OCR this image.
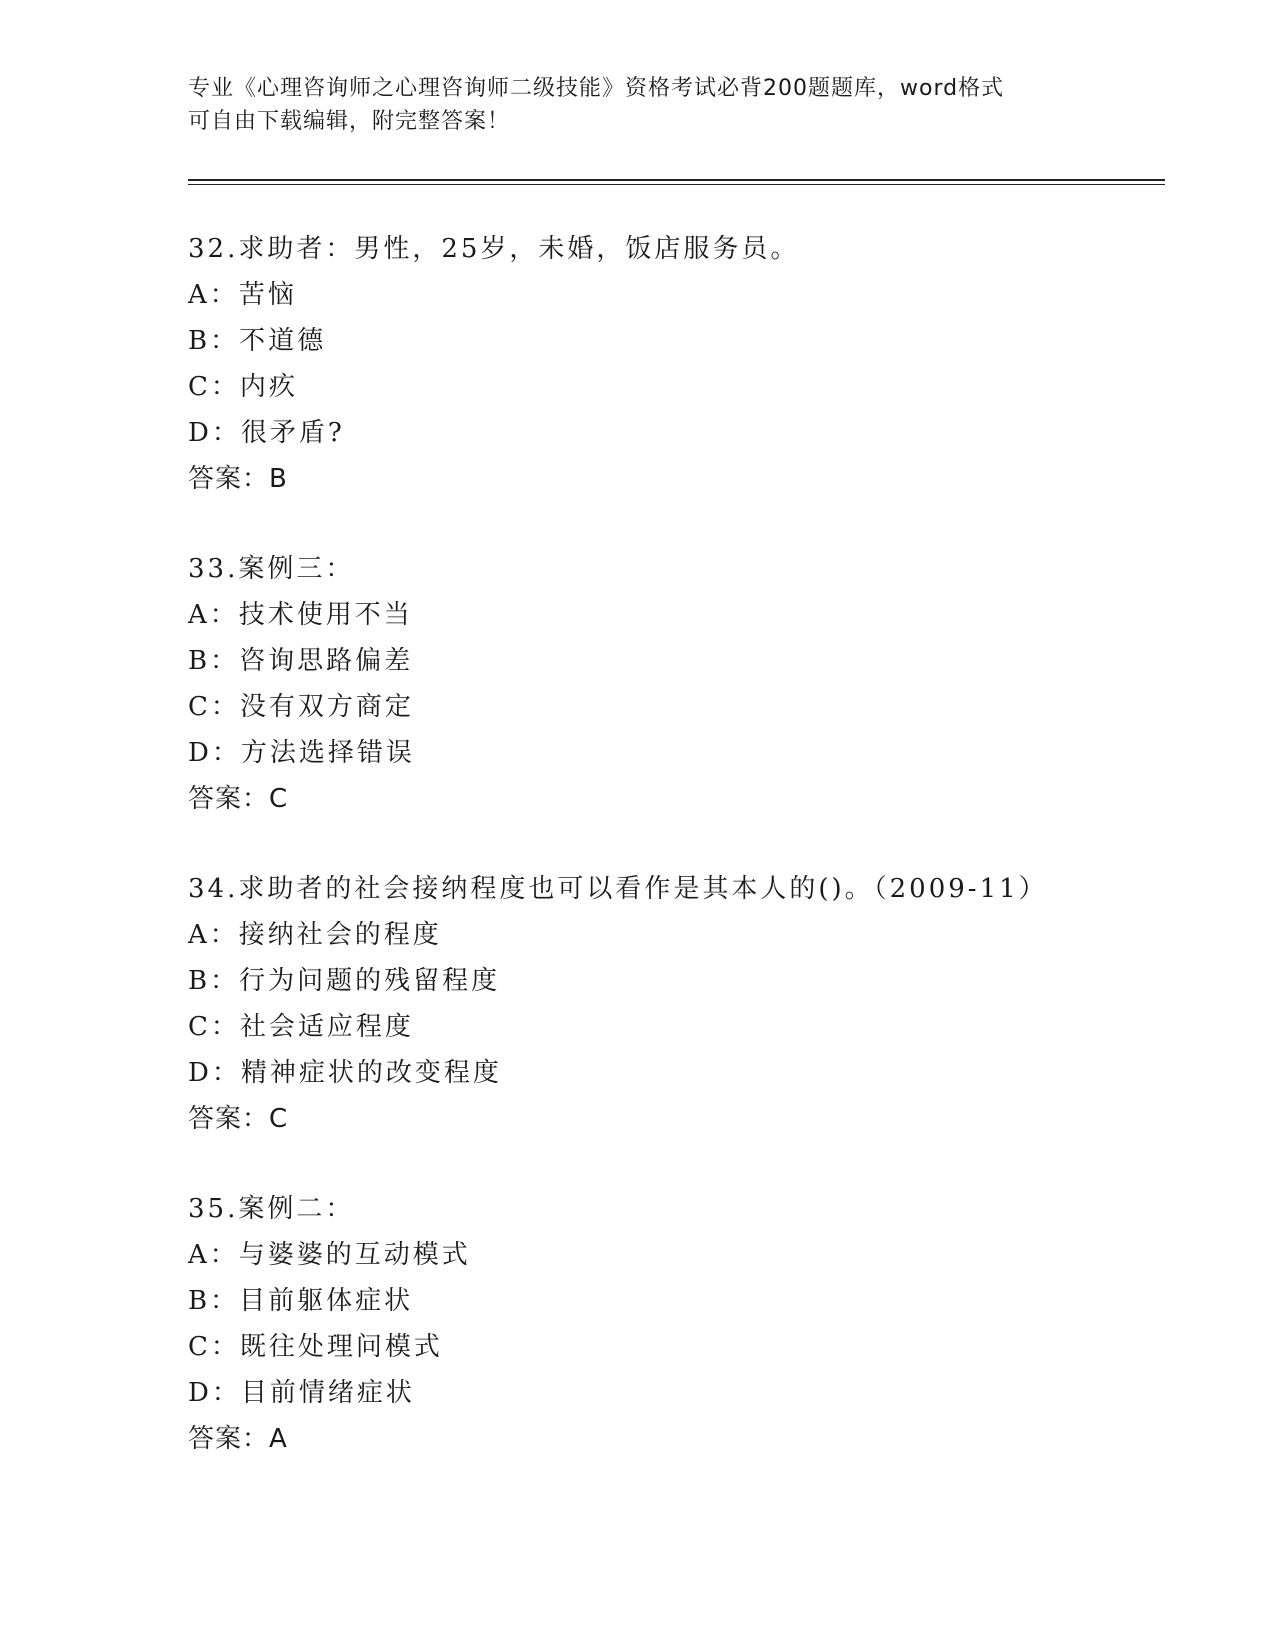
专业《心理咨询师之心理咨询师二级技能》资格考试必背200题题库，word格式
可自由下载编辑，附完整答案！
32.求助者：男性，25岁，未婚，饭店服务员。
A：苦恼
B：不道德
C：内疚
D：很矛盾?
答案：B
33.案例三：
A：技术使用不当
B：咨询思路偏差
C：没有双方商定
D：方法选择错误
答案：C
34.求助者的社会接纳程度也可以看作是其本人的()。（2009-11）
A：接纳社会的程度
B：行为问题的残留程度
C：社会适应程度
D：精神症状的改变程度
答案：C
35.案例二：
A：与婆婆的互动模式
B：目前躯体症状
C：既往处理问模式
D：目前情绪症状
答案：A
